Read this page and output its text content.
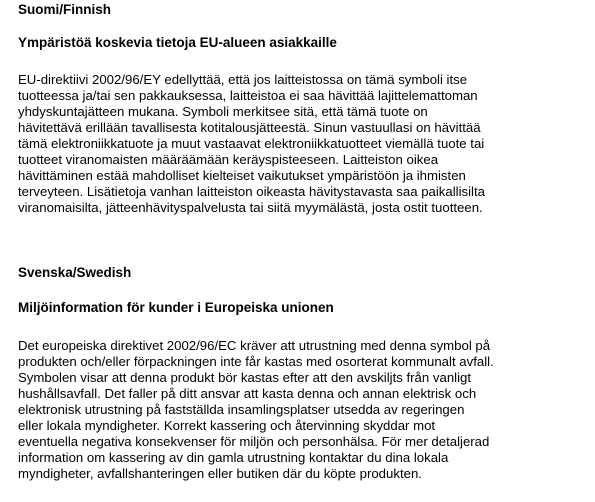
Suomi/Finnish
Ympäristöä koskevia tietoja EU-alueen asiakkaille
EU-direktiivi 2002/96/EY edellyttää, että jos laitteistossa on tämä symboli itse
tuotteessa ja/tai sen pakkauksessa, laitteistoa ei saa hävittää lajittelemattoman
yhdyskuntajätteen mukana. Symboli merkitsee sitä, että tämä tuote on
hävitettävä erillään tavallisesta kotitalousjätteestä. Sinun vastuullasi on hävittää
tämä elektroniikkatuote ja muut vastaavat elektroniikkatuotteet viemällä tuote tai
tuotteet viranomaisten määräämään keräyspisteeseen. Laitteiston oikea
hävittäminen estää mahdolliset kielteiset vaikutukset ympäristöön ja ihmisten
terveyteen. Lisätietoja vanhan laitteiston oikeasta hävitystavasta saa paikallisilta
viranomaisilta, jätteenhävityspalvelusta tai siitä myymälästä, josta ostit tuotteen.
Svenska/Swedish
Miljöinformation för kunder i Europeiska unionen
Det europeiska direktivet 2002/96/EC kräver att utrustning med denna symbol på
produkten och/eller förpackningen inte får kastas med osorterat kommunalt avfall.
Symbolen visar att denna produkt bör kastas efter att den avskiljts från vanligt
hushållsavfall. Det faller på ditt ansvar att kasta denna och annan elektrisk och
elektronisk utrustning på fastställda insamlingsplatser utsedda av regeringen
eller lokala myndigheter. Korrekt kassering och återvinning skyddar mot
eventuella negativa konsekvenser för miljön och personhälsa. För mer detaljerad
information om kassering av din gamla utrustning kontaktar du dina lokala
myndigheter, avfallshanteringen eller butiken där du köpte produkten.
